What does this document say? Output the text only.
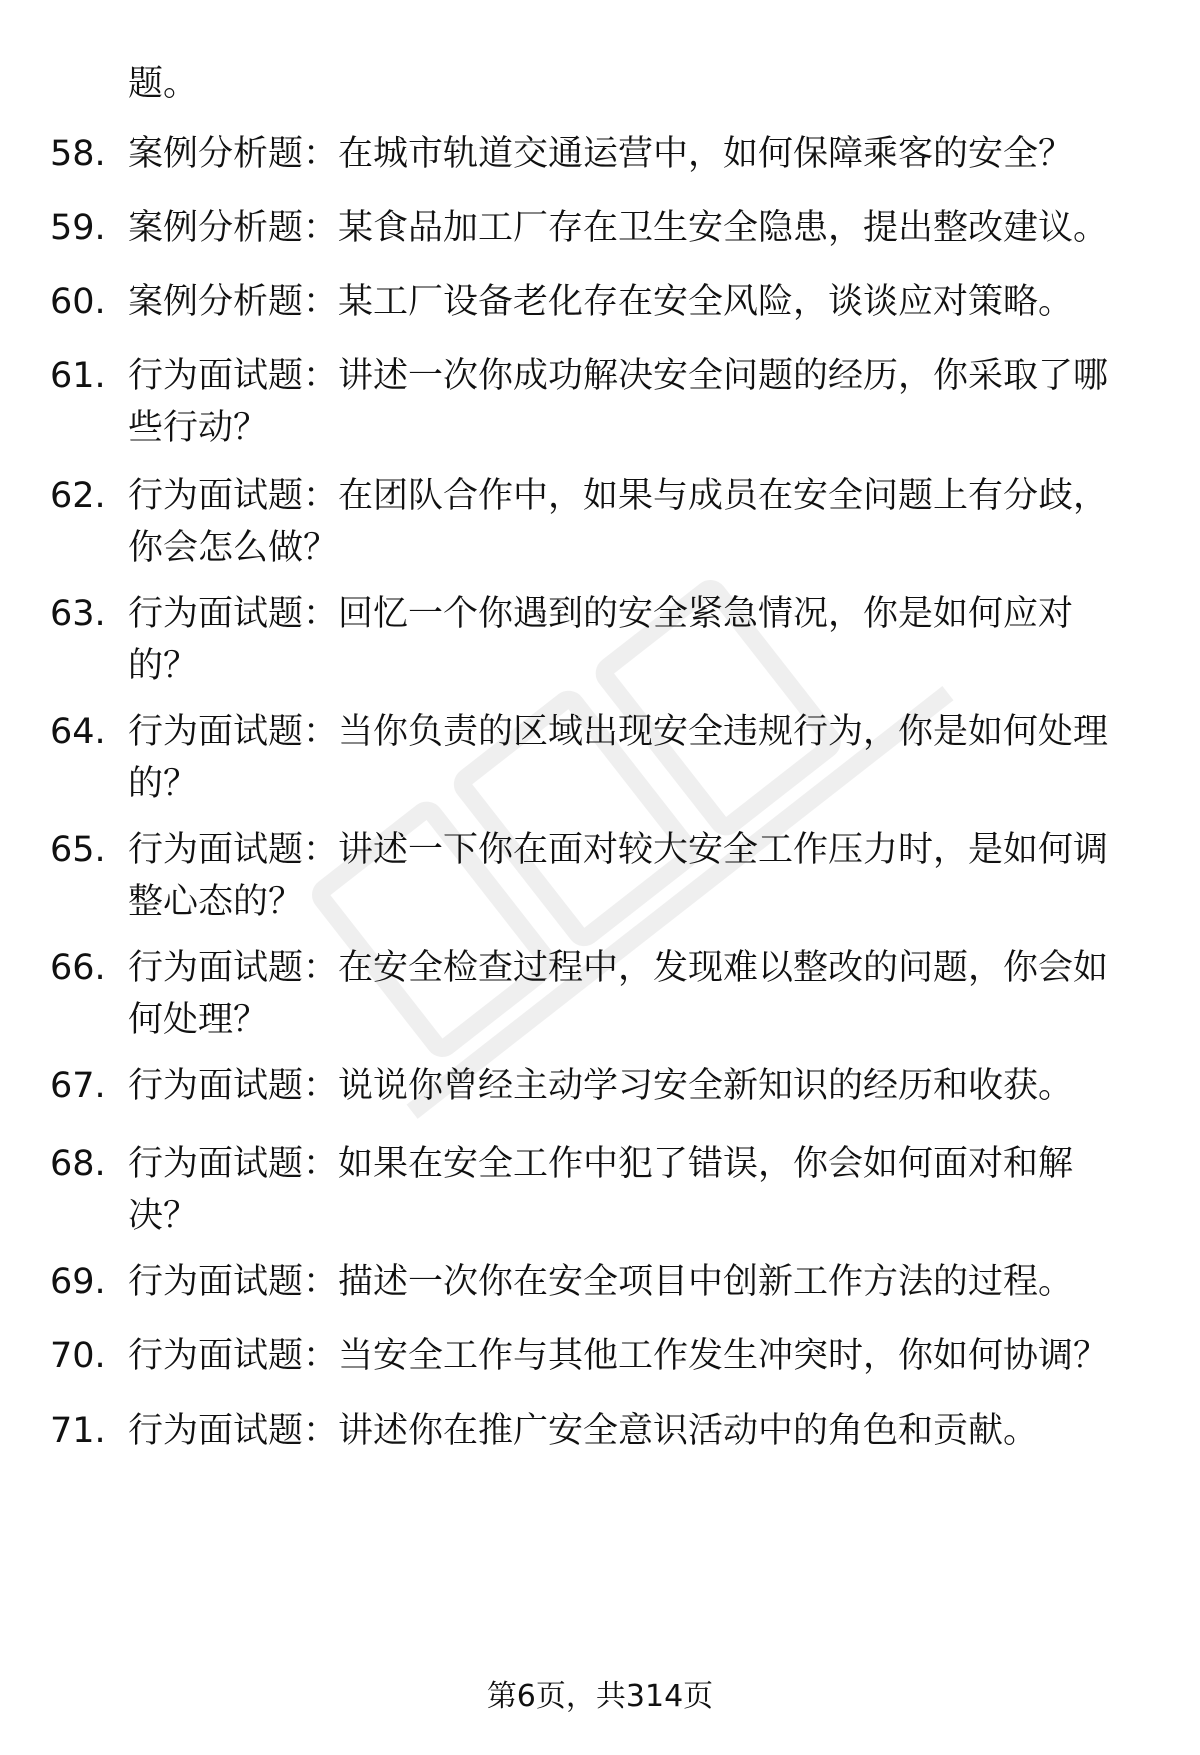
题。
58. 案例分析题：在城市轨道交通运营中，如何保障乘客的安全？
59. 案例分析题：某食品加工厂存在卫生安全隐患，提出整改建议。
60. 案例分析题：某工厂设备老化存在安全风险，谈谈应对策略。
61. 行为面试题：讲述一次你成功解决安全问题的经历，你采取了哪些行动？
62. 行为面试题：在团队合作中，如果与成员在安全问题上有分歧，你会怎么做？
63. 行为面试题：回忆一个你遇到的安全紧急情况，你是如何应对的？
64. 行为面试题：当你负责的区域出现安全违规行为，你是如何处理的？
65. 行为面试题：讲述一下你在面对较大安全工作压力时，是如何调整心态的？
66. 行为面试题：在安全检查过程中，发现难以整改的问题，你会如何处理？
67. 行为面试题：说说你曾经主动学习安全新知识的经历和收获。
68. 行为面试题：如果在安全工作中犯了错误，你会如何面对和解决？
69. 行为面试题：描述一次你在安全项目中创新工作方法的过程。
70. 行为面试题：当安全工作与其他工作发生冲突时，你如何协调？
71. 行为面试题：讲述你在推广安全意识活动中的角色和贡献。
第6页，共314页
